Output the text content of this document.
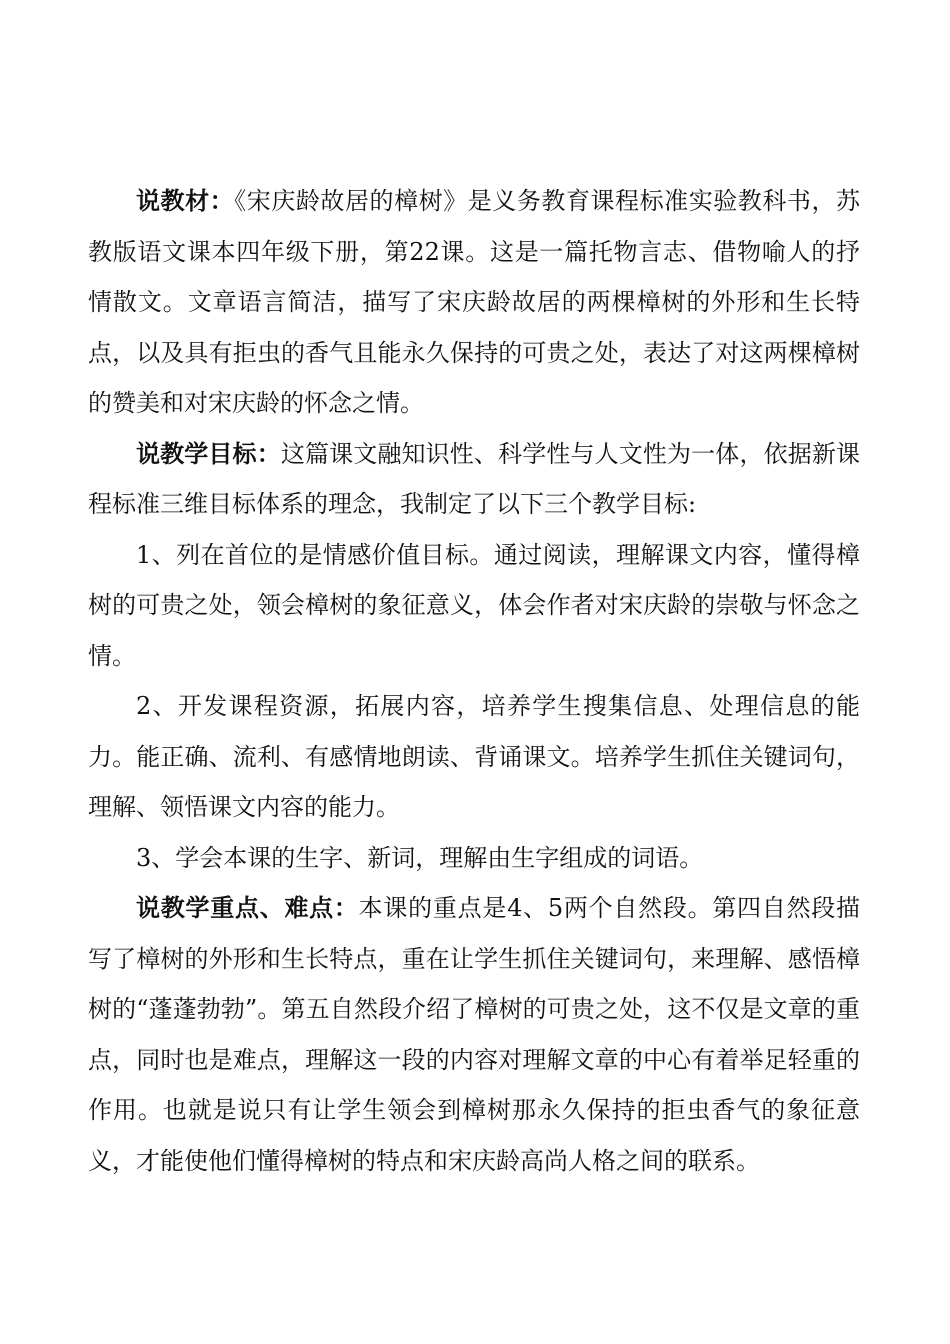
说教材：《宋庆龄故居的樟树》是义务教育课程标准实验教科书，苏教版语文课本四年级下册，第22课。这是一篇托物言志、借物喻人的抒情散文。文章语言简洁，描写了宋庆龄故居的两棵樟树的外形和生长特点，以及具有拒虫的香气且能永久保持的可贵之处，表达了对这两棵樟树的赞美和对宋庆龄的怀念之情。

说教学目标：这篇课文融知识性、科学性与人文性为一体，依据新课程标准三维目标体系的理念，我制定了以下三个教学目标:

1、列在首位的是情感价值目标。通过阅读，理解课文内容，懂得樟树的可贵之处，领会樟树的象征意义，体会作者对宋庆龄的崇敬与怀念之情。

2、开发课程资源，拓展内容，培养学生搜集信息、处理信息的能力。能正确、流利、有感情地朗读、背诵课文。培养学生抓住关键词句，理解、领悟课文内容的能力。

3、学会本课的生字、新词，理解由生字组成的词语。

说教学重点、难点：本课的重点是4、5两个自然段。第四自然段描写了樟树的外形和生长特点，重在让学生抓住关键词句，来理解、感悟樟树的“蓬蓬勃勃”。第五自然段介绍了樟树的可贵之处，这不仅是文章的重点，同时也是难点，理解这一段的内容对理解文章的中心有着举足轻重的作用。也就是说只有让学生领会到樟树那永久保持的拒虫香气的象征意义，才能使他们懂得樟树的特点和宋庆龄高尚人格之间的联系。
